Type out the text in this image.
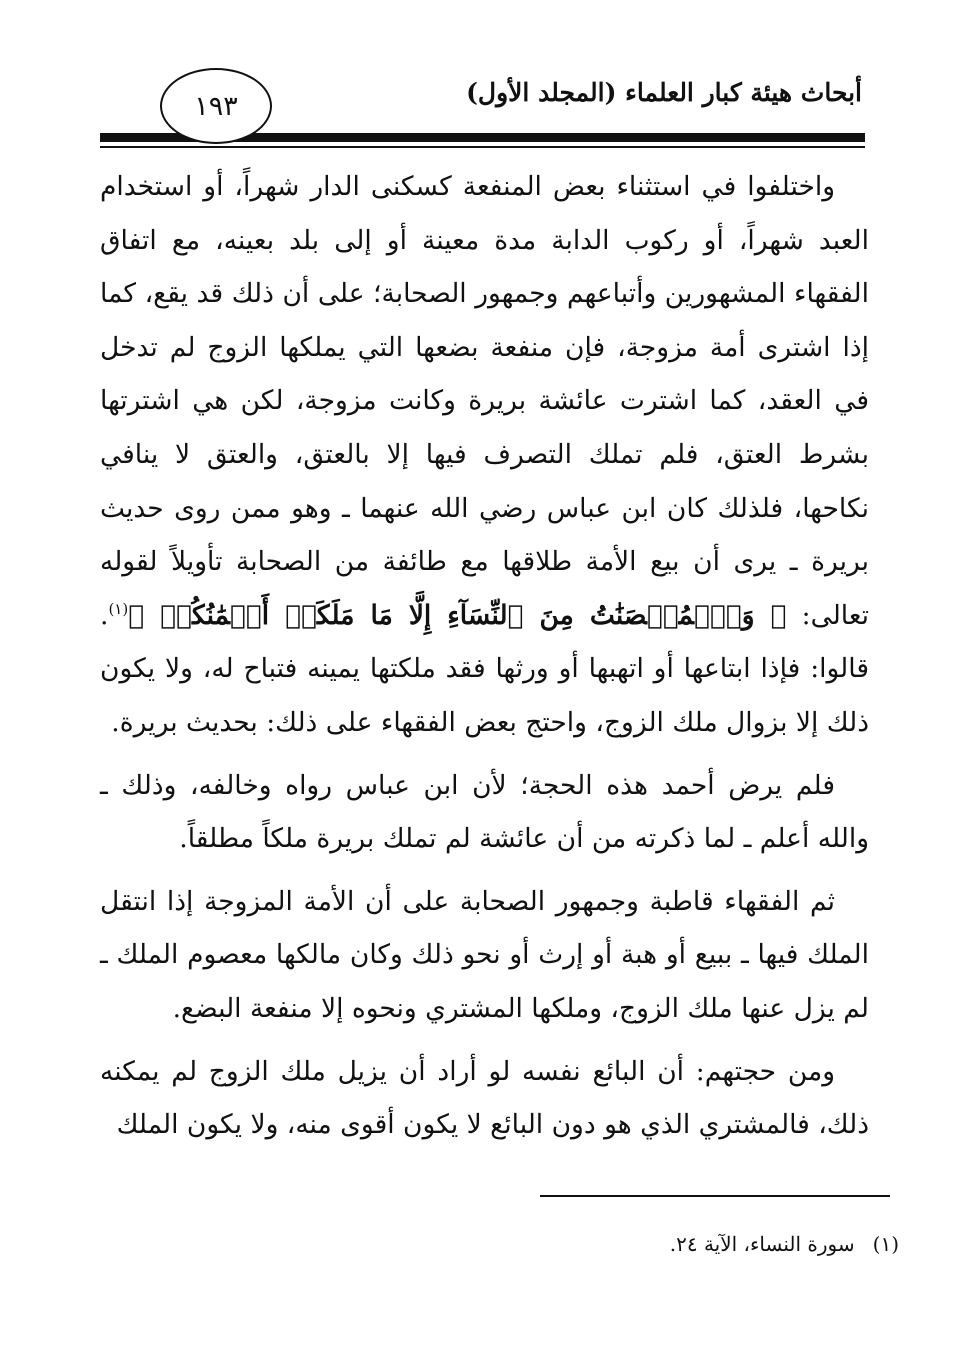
أبحاث هيئة كبار العلماء (المجلد الأول)
١٩٣

واختلفوا في استثناء بعض المنفعة كسكنى الدار شهراً، أو استخدام العبد شهراً، أو ركوب الدابة مدة معينة أو إلى بلد بعينه، مع اتفاق الفقهاء المشهورين وأتباعهم وجمهور الصحابة؛ على أن ذلك قد يقع، كما إذا اشترى أمة مزوجة، فإن منفعة بضعها التي يملكها الزوج لم تدخل في العقد، كما اشترت عائشة بريرة وكانت مزوجة، لكن هي اشترتها بشرط العتق، فلم تملك التصرف فيها إلا بالعتق، والعتق لا ينافي نكاحها، فلذلك كان ابن عباس رضي الله عنهما ـ وهو ممن روى حديث بريرة ـ يرى أن بيع الأمة طلاقها مع طائفة من الصحابة تأويلاً لقوله تعالى: ﴿ وَٱلۡمُحۡصَنَٰتُ مِنَ ٱلنِّسَآءِ إِلَّا مَا مَلَكَتۡ أَيۡمَٰنُكُمۡ ﴾$^{(١)}$. قالوا: فإذا ابتاعها أو اتهبها أو ورثها فقد ملكتها يمينه فتباح له، ولا يكون ذلك إلا بزوال ملك الزوج، واحتج بعض الفقهاء على ذلك: بحديث بريرة.

فلم يرض أحمد هذه الحجة؛ لأن ابن عباس رواه وخالفه، وذلك ـ والله أعلم ـ لما ذكرته من أن عائشة لم تملك بريرة ملكاً مطلقاً.

ثم الفقهاء قاطبة وجمهور الصحابة على أن الأمة المزوجة إذا انتقل الملك فيها ـ ببيع أو هبة أو إرث أو نحو ذلك وكان مالكها معصوم الملك ـ لم يزل عنها ملك الزوج، وملكها المشتري ونحوه إلا منفعة البضع.

ومن حجتهم: أن البائع نفسه لو أراد أن يزيل ملك الزوج لم يمكنه ذلك، فالمشتري الذي هو دون البائع لا يكون أقوى منه، ولا يكون الملك

(١)سورة النساء، الآية ٢٤.
